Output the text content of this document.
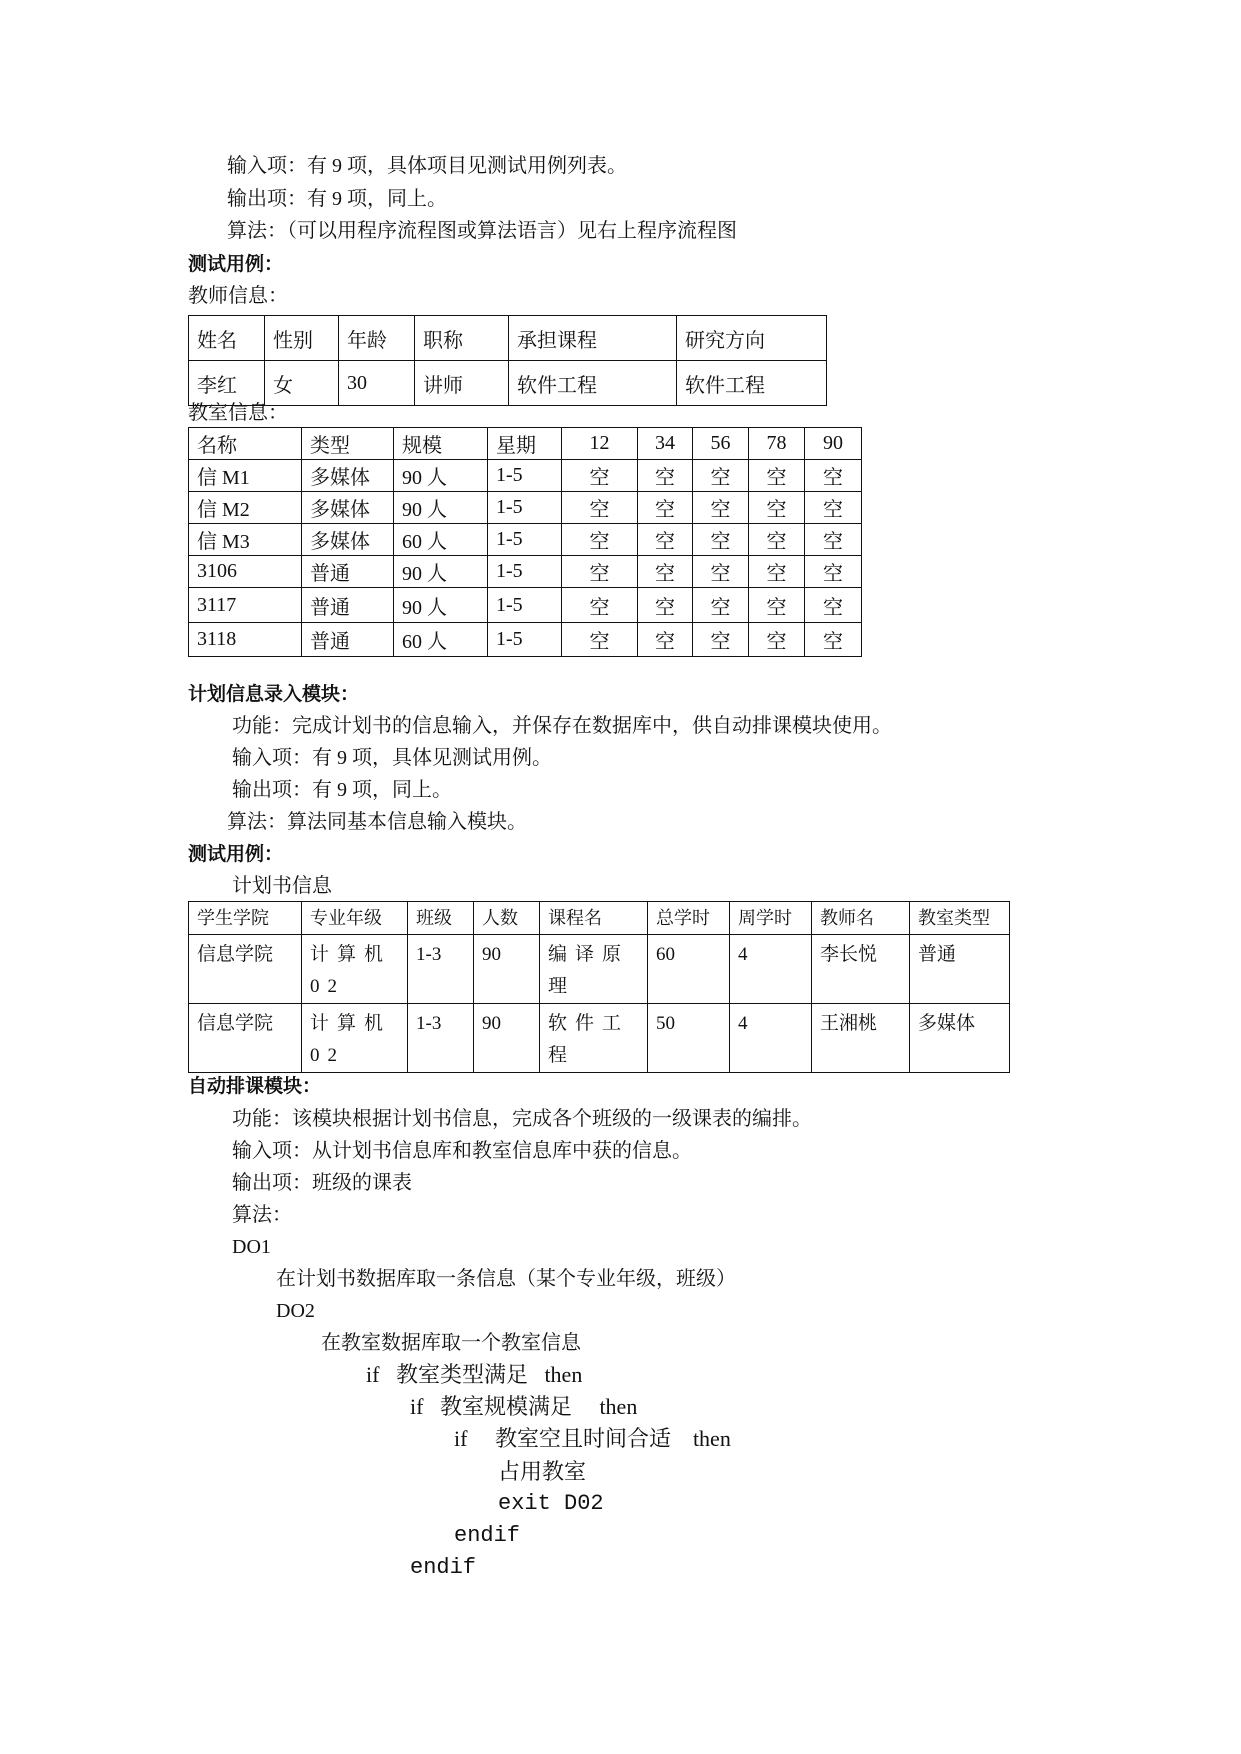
输入项：有 9 项，具体项目见测试用例列表。
输出项：有 9 项，同上。
算法：（可以用程序流程图或算法语言）见右上程序流程图
测试用例：
教师信息：
姓名	性别	年龄	职称	承担课程	研究方向
李红	女	30	讲师	软件工程	软件工程
教室信息：
名称	类型	规模	星期	12	34	56	78	90
信 M1	多媒体	90 人	1-5	空	空	空	空	空
信 M2	多媒体	90 人	1-5	空	空	空	空	空
信 M3	多媒体	60 人	1-5	空	空	空	空	空
3106	普通	90 人	1-5	空	空	空	空	空
3117	普通	90 人	1-5	空	空	空	空	空
3118	普通	60 人	1-5	空	空	空	空	空
计划信息录入模块：
功能：完成计划书的信息输入，并保存在数据库中，供自动排课模块使用。
输入项：有 9 项，具体见测试用例。
输出项：有 9 项，同上。
算法：算法同基本信息输入模块。
测试用例：
计划书信息
学生学院	专业年级	班级	人数	课程名	总学时	周学时	教师名	教室类型
信息学院	计算机02	1-3	90	编译原理	60	4	李长悦	普通
信息学院	计算机02	1-3	90	软件工程	50	4	王湘桃	多媒体
自动排课模块：
功能：该模块根据计划书信息，完成各个班级的一级课表的编排。
输入项：从计划书信息库和教室信息库中获的信息。
输出项：班级的课表
算法：
DO1
在计划书数据库取一条信息（某个专业年级，班级）
DO2
在教室数据库取一个教室信息
if   教室类型满足   then
if   教室规模满足     then
if     教室空且时间合适    then
占用教室
exit D02
endif
endif
